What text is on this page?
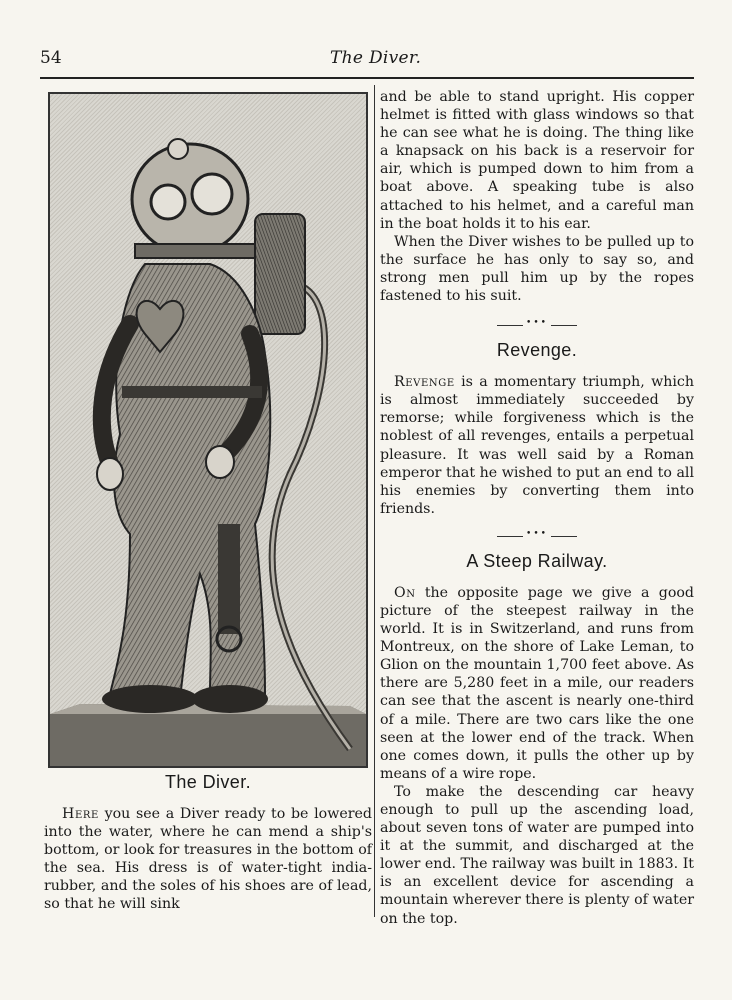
54	The Diver.
The Diver.

Here you see a Diver ready to be lowered into the water, where he can mend a ship's bottom, or look for treasures in the bottom of the sea. His dress is of water-tight india-rubber, and the soles of his shoes are of lead, so that he will sink

and be able to stand upright. His copper helmet is fitted with glass windows so that he can see what he is doing. The thing like a knapsack on his back is a reservoir for air, which is pumped down to him from a boat above. A speaking tube is also attached to his helmet, and a careful man in the boat holds it to his ear.

When the Diver wishes to be pulled up to the surface he has only to say so, and strong men pull him up by the ropes fastened to his suit.

•••
Revenge.

Revenge is a momentary triumph, which is almost immediately succeeded by remorse; while forgiveness which is the noblest of all revenges, entails a perpetual pleasure. It was well said by a Roman emperor that he wished to put an end to all his enemies by converting them into friends.

•••
A Steep Railway.

On the opposite page we give a good picture of the steepest railway in the world. It is in Switzerland, and runs from Montreux, on the shore of Lake Leman, to Glion on the mountain 1,700 feet above. As there are 5,280 feet in a mile, our readers can see that the ascent is nearly one-third of a mile. There are two cars like the one seen at the lower end of the track. When one comes down, it pulls the other up by means of a wire rope.

To make the descending car heavy enough to pull up the ascending load, about seven tons of water are pumped into it at the summit, and discharged at the lower end. The railway was built in 1883. It is an excellent device for ascending a mountain wherever there is plenty of water on the top.
